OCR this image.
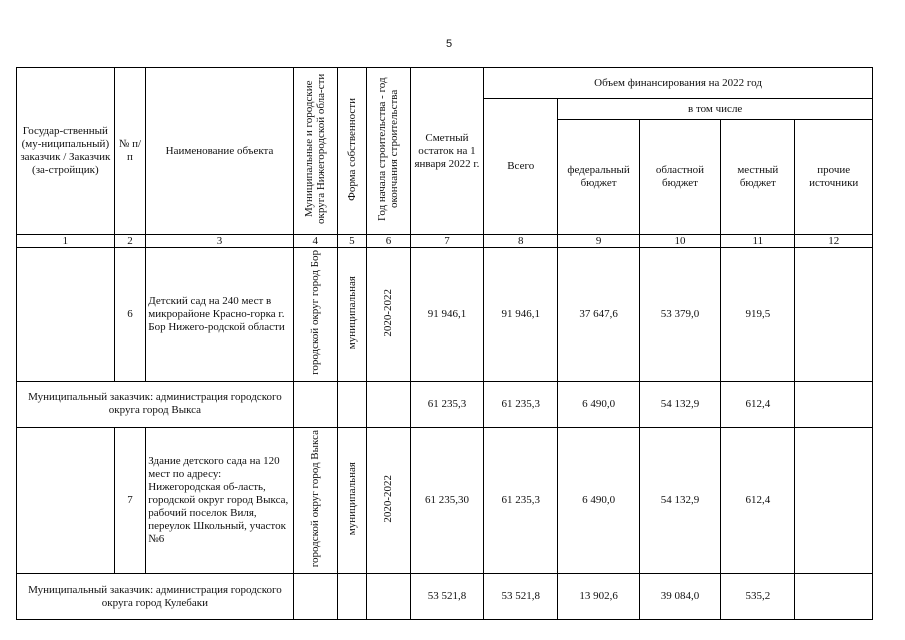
5
Государ-ственный (му-ниципальный) заказчик / Заказчик (за-стройщик)	№ п/п	Наименование объекта	Муниципальные и городские округа Нижегородской обла-сти	Форма собственности	Год начала строительства - год окончания строительства	Сметный остаток на 1 января 2022 г.	Объем финансирования на 2022 год				
							Всего	в том числе			
								федеральный бюджет	областной бюджет	местный бюджет	прочие источники
1	2	3	4	5	6	7	8	9	10	11	12
	6	Детский сад на 240 мест в микрорайоне Красно-горка г. Бор Нижего-родской области	городской округ город Бор	муниципальная	2020-2022	91 946,1	91 946,1	37 647,6	53 379,0	919,5	
Муниципальный заказчик: администрация городского округа город Выкса						61 235,3	61 235,3	6 490,0	54 132,9	612,4	
	7	Здание детского сада на 120 мест по адресу: Нижегородская об-ласть, городской округ город Выкса, рабочий поселок Виля, переулок Школьный, участок №6	городской округ город Выкса	муниципальная	2020-2022	61 235,30	61 235,3	6 490,0	54 132,9	612,4	
Муниципальный заказчик: администрация городского округа город Кулебаки						53 521,8	53 521,8	13 902,6	39 084,0	535,2	
